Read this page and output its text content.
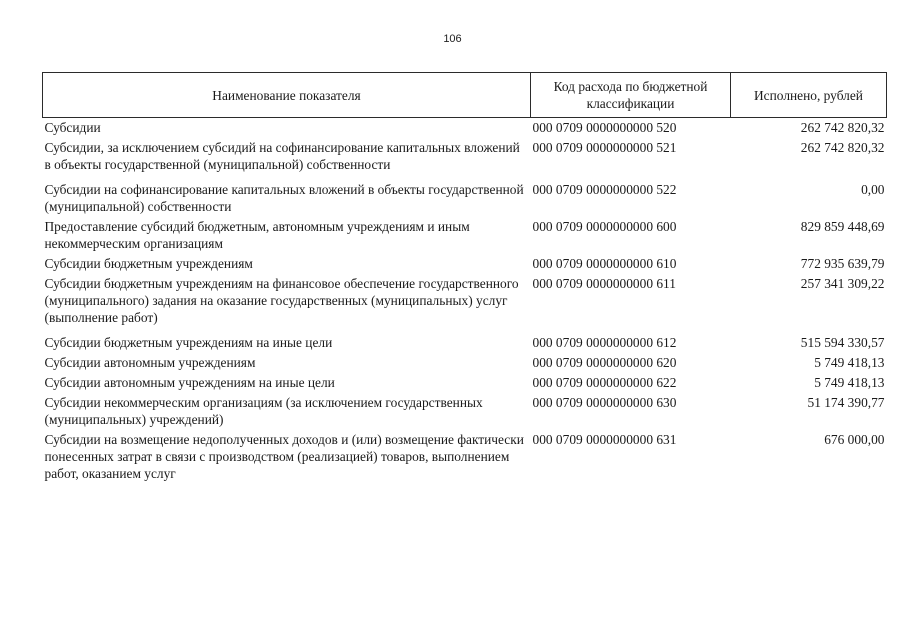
106
Наименование показателя	Код расхода по бюджетной классификации	Исполнено, рублей
Субсидии	000 0709 0000000000 520	262 742 820,32
Субсидии, за исключением субсидий на софинансирование капитальных вложений в объекты государственной (муниципальной) собственности	000 0709 0000000000 521	262 742 820,32
Субсидии на софинансирование капитальных вложений в объекты государственной (муниципальной) собственности	000 0709 0000000000 522	0,00
Предоставление субсидий бюджетным, автономным учреждениям и иным некоммерческим организациям	000 0709 0000000000 600	829 859 448,69
Субсидии бюджетным учреждениям	000 0709 0000000000 610	772 935 639,79
Субсидии бюджетным учреждениям на финансовое обеспечение государственного (муниципального) задания на оказание государственных (муниципальных) услуг (выполнение работ)	000 0709 0000000000 611	257 341 309,22
Субсидии бюджетным учреждениям на иные цели	000 0709 0000000000 612	515 594 330,57
Субсидии автономным учреждениям	000 0709 0000000000 620	5 749 418,13
Субсидии автономным учреждениям на иные цели	000 0709 0000000000 622	5 749 418,13
Субсидии некоммерческим организациям (за исключением государственных (муниципальных) учреждений)	000 0709 0000000000 630	51 174 390,77
Субсидии на возмещение недополученных доходов и (или) возмещение фактически понесенных затрат в связи с производством (реализацией) товаров, выполнением работ, оказанием услуг	000 0709 0000000000 631	676 000,00
